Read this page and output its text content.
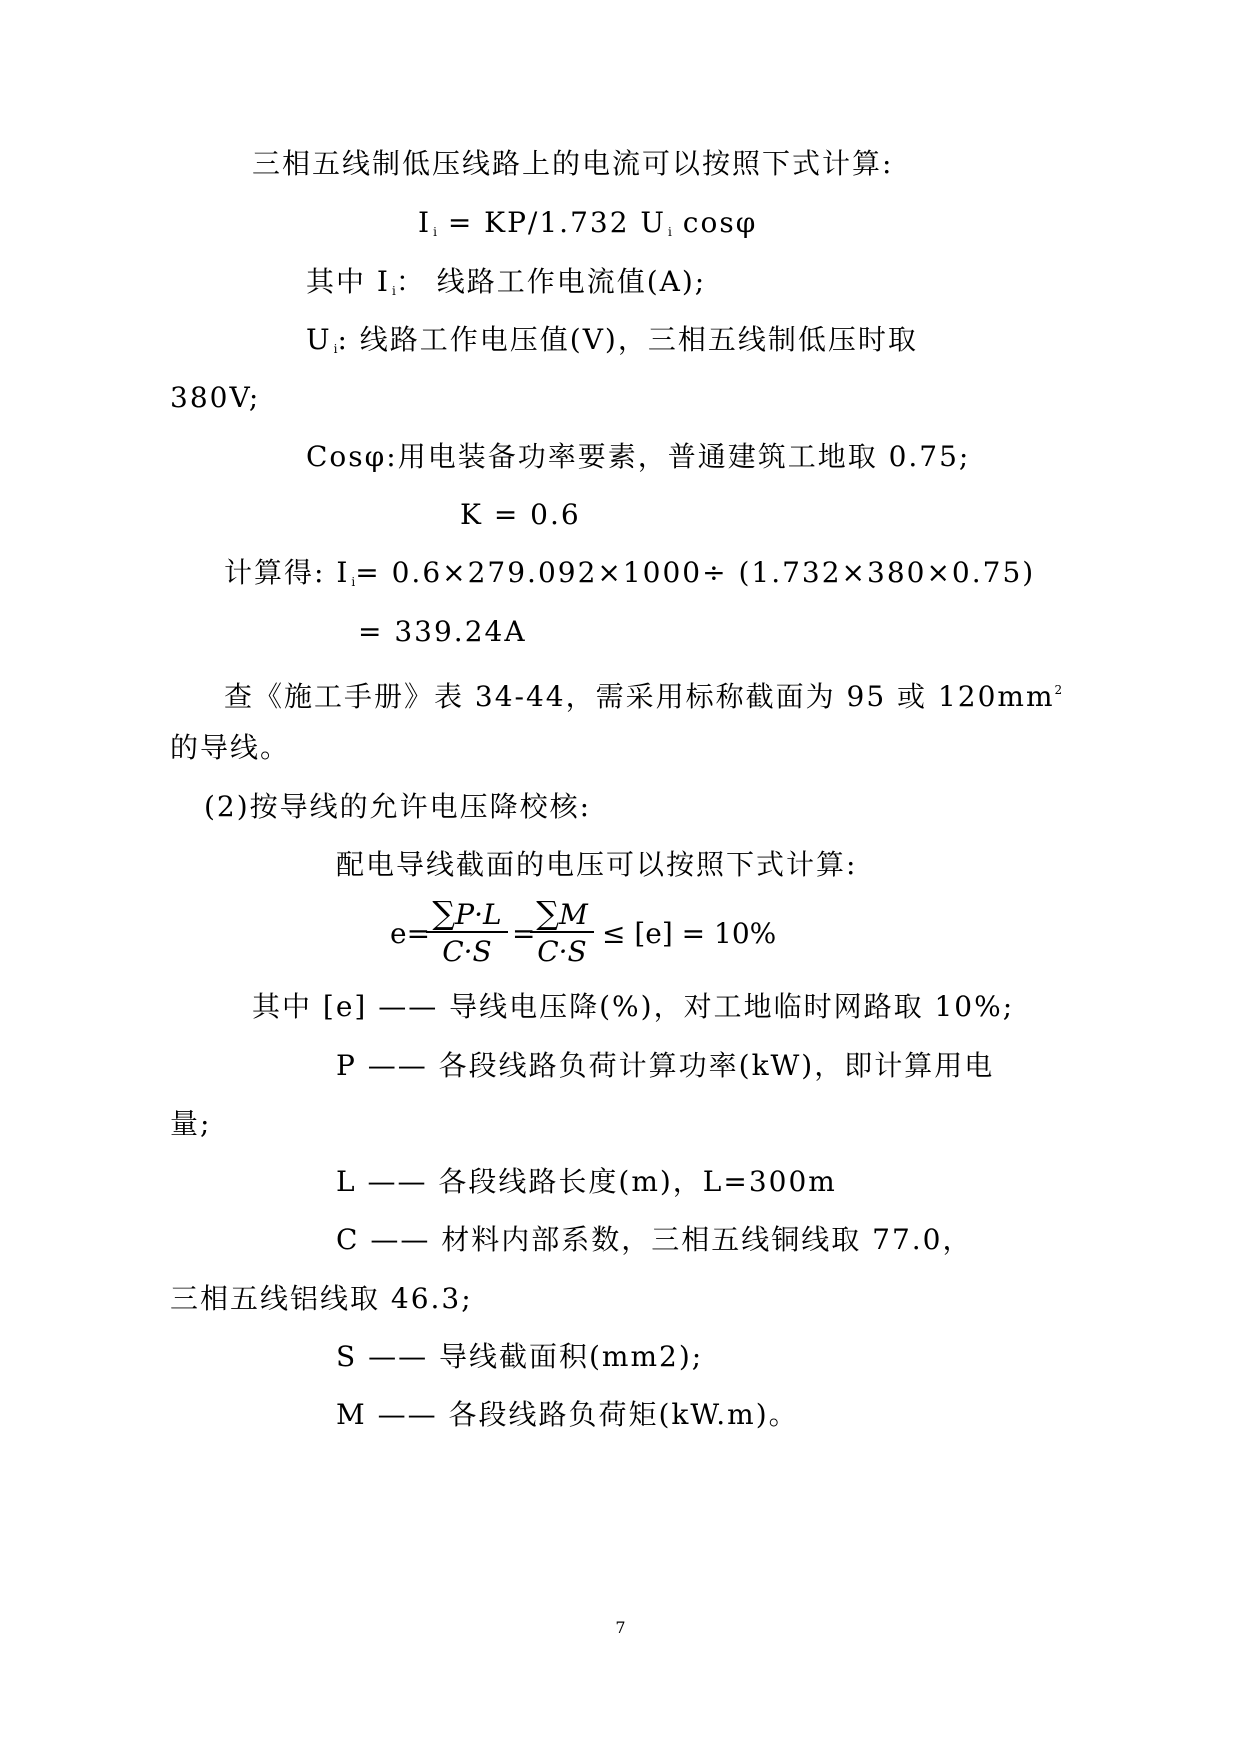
三相五线制低压线路上的电流可以按照下式计算:
I $_i$ = KP/1.732 U $_i$ cosφ
其中 I $_i$： 线路工作电流值(A);
U $_i$: 线路工作电压值(V)，三相五线制低压时取
380V;
Cosφ:用电装备功率要素，普通建筑工地取 0.75;
K = 0.6
计算得: I $_i$= 0.6×279.092×1000÷ (1.732×380×0.75)
= 339.24A
查《施工手册》表 34-44，需采用标称截面为 95 或 $120mm^2$
的导线。
(2)按导线的允许电压降校核:
配电导线截面的电压可以按照下式计算:
e=
∑P·L
C·S
=
∑M
C·S
≤ [e] = 10%
其中 [e] —— 导线电压降(%)，对工地临时网路取 10%;
P —— 各段线路负荷计算功率(kW)，即计算用电
量;
L —— 各段线路长度(m)，L=300m
C —— 材料内部系数，三相五线铜线取 77.0，
三相五线铝线取 46.3;
S —— 导线截面积(mm2);
M —— 各段线路负荷矩(kW.m)。
7
